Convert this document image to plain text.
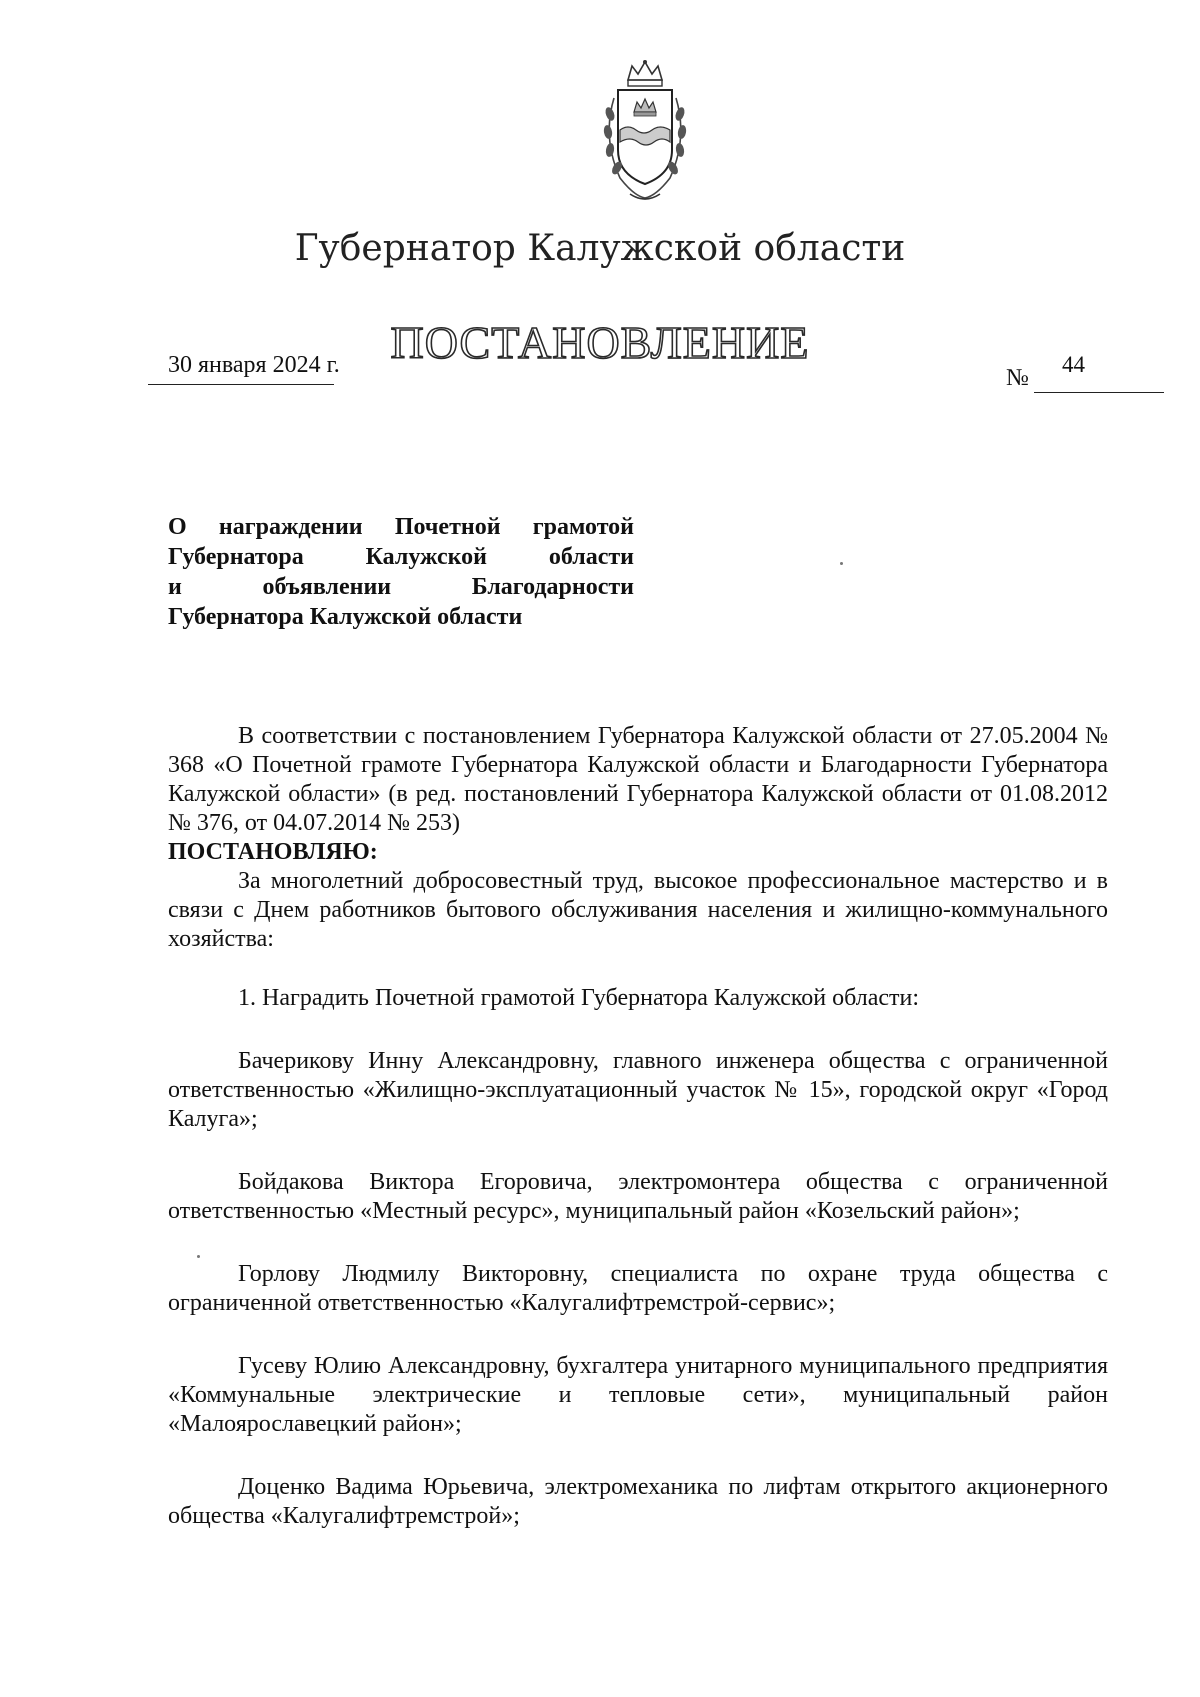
Губернатор Калужской области
ПОСТАНОВЛЕНИЕ
30 января 2024 г.	№
44
О награждении Почетной грамотой
Губернатора	Калужской	области
и	объявлении	Благодарности
Губернатора Калужской области

В соответствии с постановлением Губернатора Калужской области от 27.05.2004 № 368 «О Почетной грамоте Губернатора Калужской области и Благодарности Губернатора Калужской области» (в ред. постановлений Губернатора Калужской области от 01.08.2012 № 376, от 04.07.2014 № 253)

ПОСТАНОВЛЯЮ:

За многолетний добросовестный труд, высокое профессиональное мастерство и в связи с Днем работников бытового обслуживания населения и жилищно-коммунального хозяйства:

1. Наградить Почетной грамотой Губернатора Калужской области:

Бачерикову Инну Александровну, главного инженера общества с ограниченной ответственностью «Жилищно-эксплуатационный участок № 15», городской округ «Город Калуга»;

Бойдакова Виктора Егоровича, электромонтера общества с ограниченной ответственностью «Местный ресурс», муниципальный район «Козельский район»;

Горлову Людмилу Викторовну, специалиста по охране труда общества с ограниченной ответственностью «Калугалифтремстрой-сервис»;

Гусеву Юлию Александровну, бухгалтера унитарного муниципального предприятия «Коммунальные электрические и тепловые сети», муниципальный район «Малоярославецкий район»;

Доценко Вадима Юрьевича, электромеханика по лифтам открытого акционерного общества «Калугалифтремстрой»;
